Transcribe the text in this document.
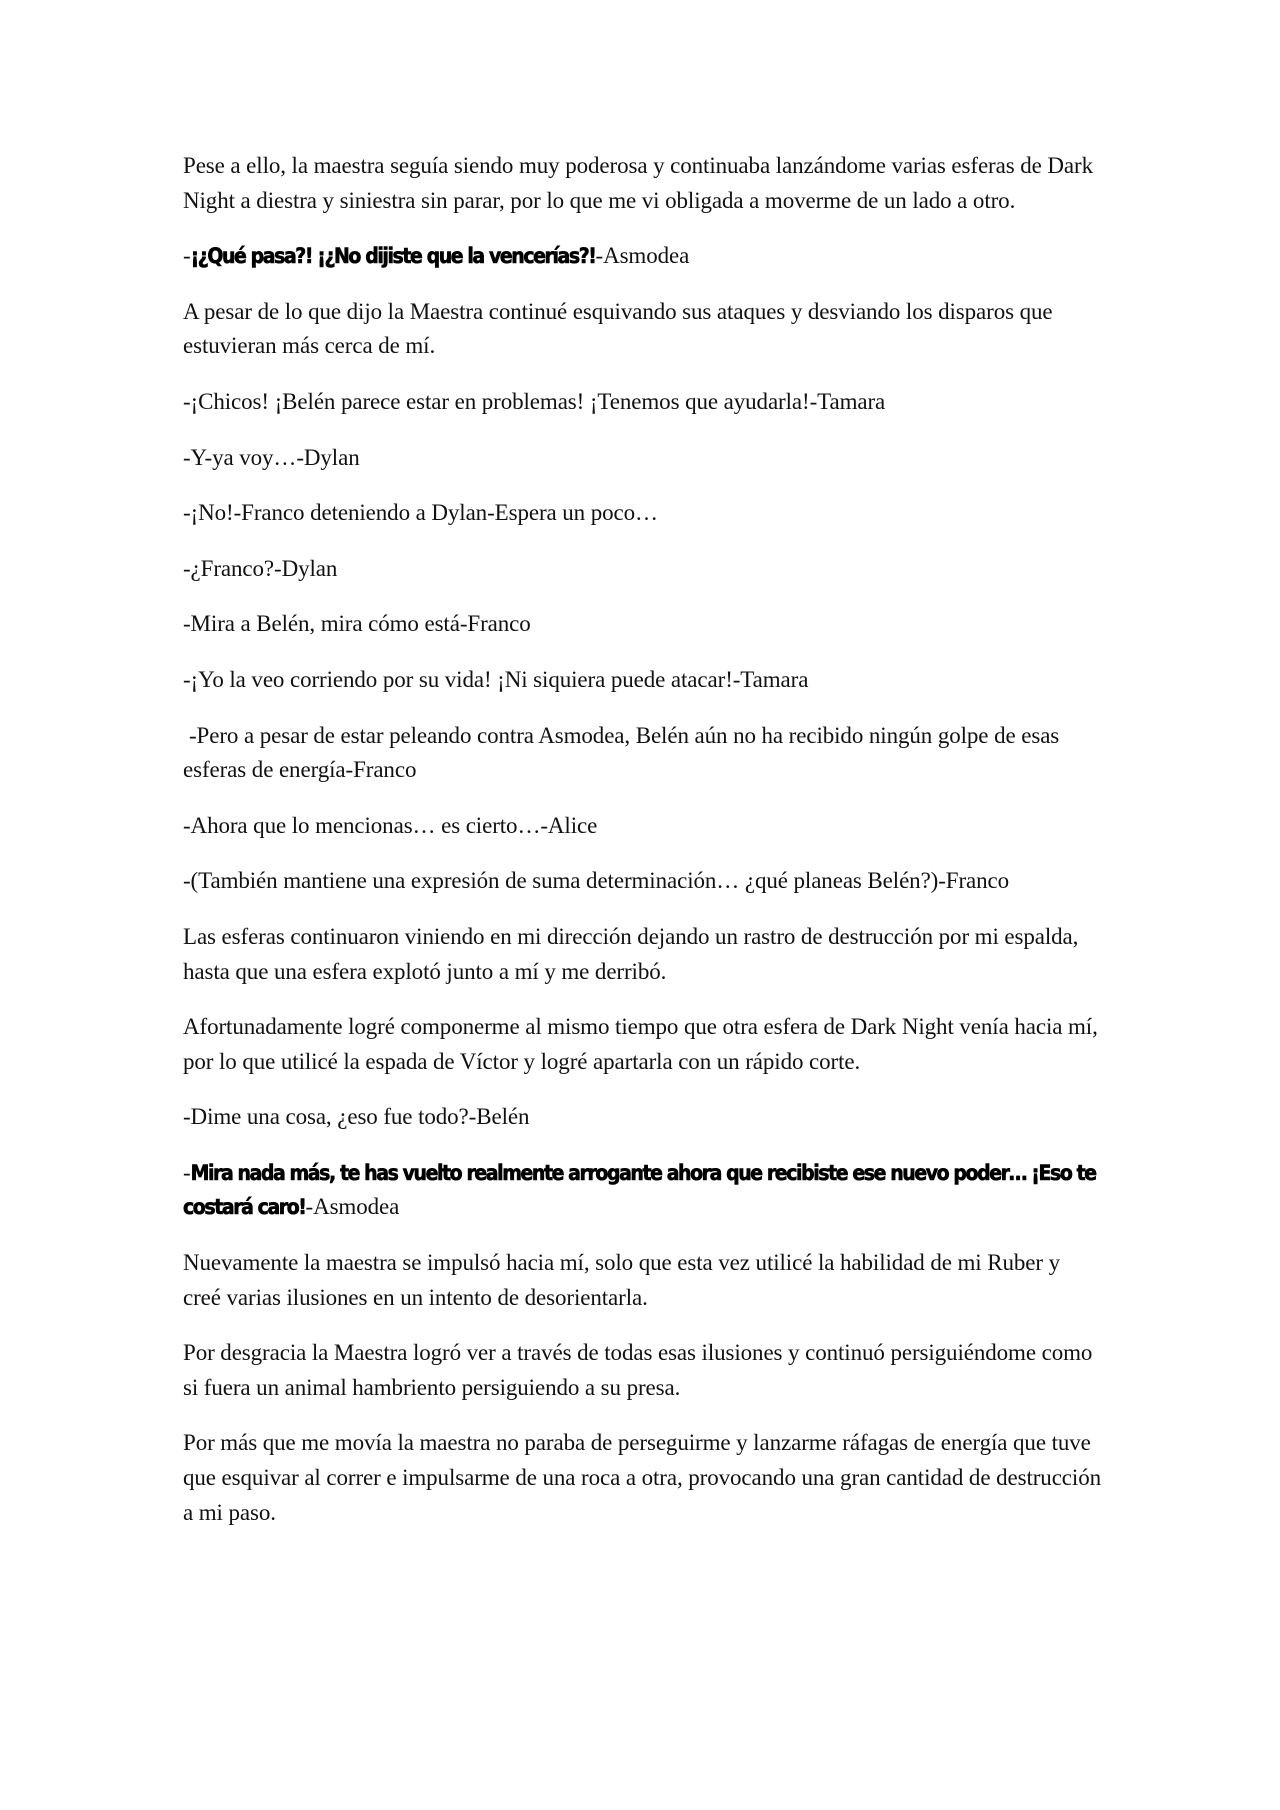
Pese a ello, la maestra seguía siendo muy poderosa y continuaba lanzándome varias esferas de Dark Night a diestra y siniestra sin parar, por lo que me vi obligada a moverme de un lado a otro.

-¡¿Qué pasa?! ¡¿No dijiste que la vencerías?!-Asmodea

A pesar de lo que dijo la Maestra continué esquivando sus ataques y desviando los disparos que estuvieran más cerca de mí.

-¡Chicos! ¡Belén parece estar en problemas! ¡Tenemos que ayudarla!-Tamara

-Y-ya voy…-Dylan

-¡No!-Franco deteniendo a Dylan-Espera un poco…

-¿Franco?-Dylan

-Mira a Belén, mira cómo está-Franco

-¡Yo la veo corriendo por su vida! ¡Ni siquiera puede atacar!-Tamara

-Pero a pesar de estar peleando contra Asmodea, Belén aún no ha recibido ningún golpe de esas esferas de energía-Franco

-Ahora que lo mencionas… es cierto…-Alice

-(También mantiene una expresión de suma determinación… ¿qué planeas Belén?)-Franco

Las esferas continuaron viniendo en mi dirección dejando un rastro de destrucción por mi espalda, hasta que una esfera explotó junto a mí y me derribó.

Afortunadamente logré componerme al mismo tiempo que otra esfera de Dark Night venía hacia mí, por lo que utilicé la espada de Víctor y logré apartarla con un rápido corte.

-Dime una cosa, ¿eso fue todo?-Belén

-Mira nada más, te has vuelto realmente arrogante ahora que recibiste ese nuevo poder… ¡Eso te costará caro!-Asmodea

Nuevamente la maestra se impulsó hacia mí, solo que esta vez utilicé la habilidad de mi Ruber y creé varias ilusiones en un intento de desorientarla.

Por desgracia la Maestra logró ver a través de todas esas ilusiones y continuó persiguiéndome como si fuera un animal hambriento persiguiendo a su presa.

Por más que me movía la maestra no paraba de perseguirme y lanzarme ráfagas de energía que tuve que esquivar al correr e impulsarme de una roca a otra, provocando una gran cantidad de destrucción a mi paso.
